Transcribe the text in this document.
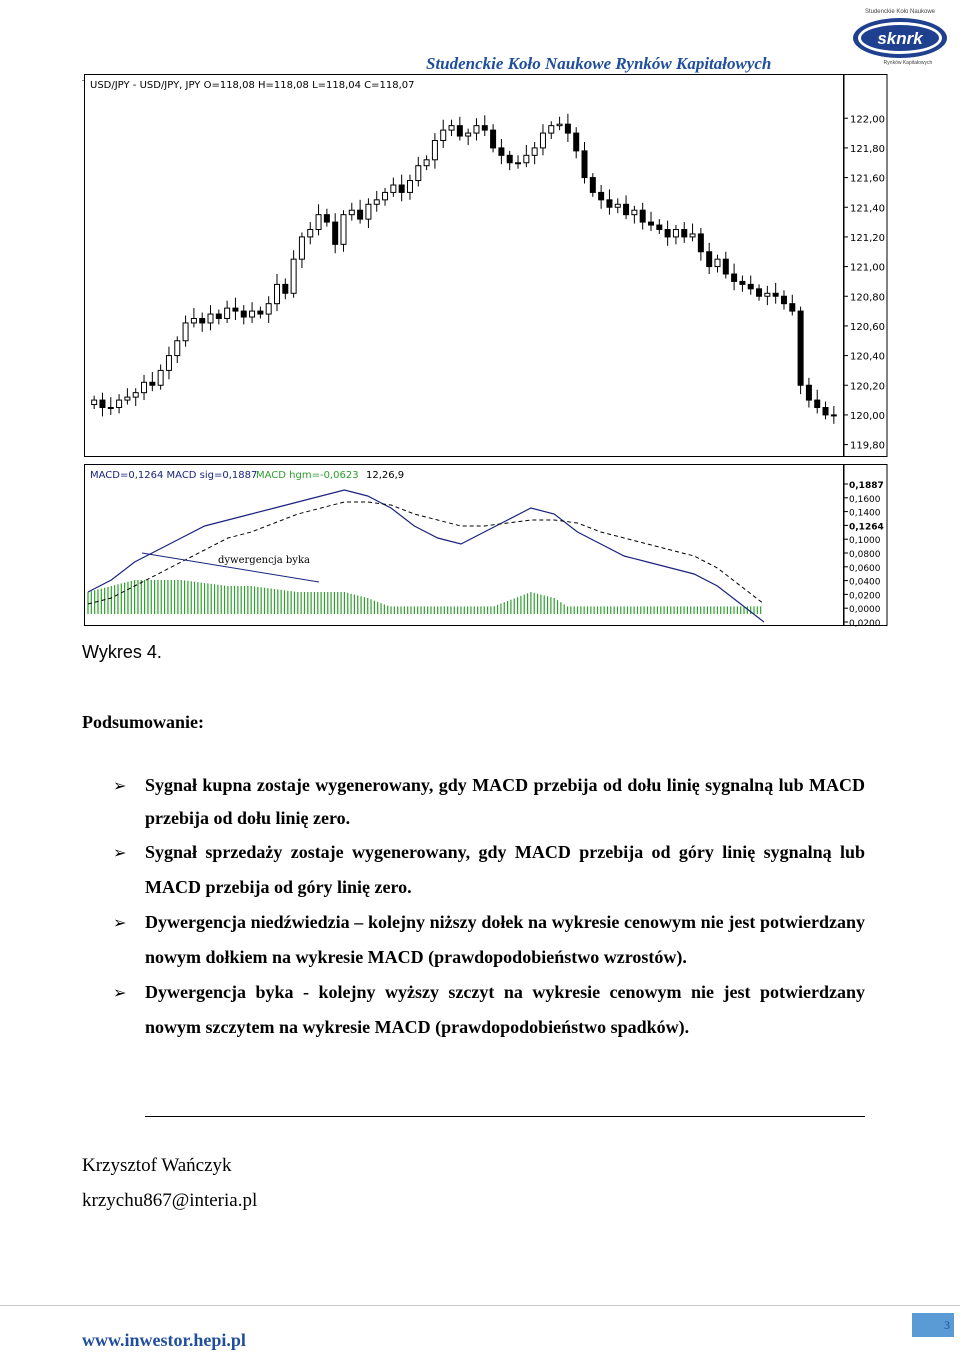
Studenckie Koło Naukowe Rynków Kapitałowych
sknrk
Studenckie Koło Naukowe
Rynków Kapitałowych
USD/JPY - USD/JPY, JPY O=118,08 H=118,08 L=118,04 C=118,07
122,00
121,80
121,60
121,40
121,20
121,00
120,80
120,60
120,40
120,20
120,00
119,80
MACD=0,1264 MACD sig=0,1887
MACD hgm=-0,0623 12,26,9
0,1887
0,1600
0,1400
0,1264
0,1000
0,0800
0,0600
0,0400
0,0200
0,0000
0,0200
dywergencja byka
Wykres 4.
Podsumowanie:
➢ Sygnał kupna zostaje wygenerowany, gdy MACD przebija od dołu linię sygnalną lub MACD przebija od dołu linię zero.
➢ Sygnał sprzedaży zostaje wygenerowany, gdy MACD przebija od góry linię sygnalną lub MACD przebija od góry linię zero.
➢ Dywergencja niedźwiedzia – kolejny niższy dołek na wykresie cenowym nie jest potwierdzany nowym dołkiem na wykresie MACD (prawdopodobieństwo wzrostów).
➢ Dywergencja byka - kolejny wyższy szczyt na wykresie cenowym nie jest potwierdzany nowym szczytem na wykresie MACD (prawdopodobieństwo spadków).
Krzysztof Wańczyk
krzychu867@interia.pl
www.inwestor.hepi.pl
3
